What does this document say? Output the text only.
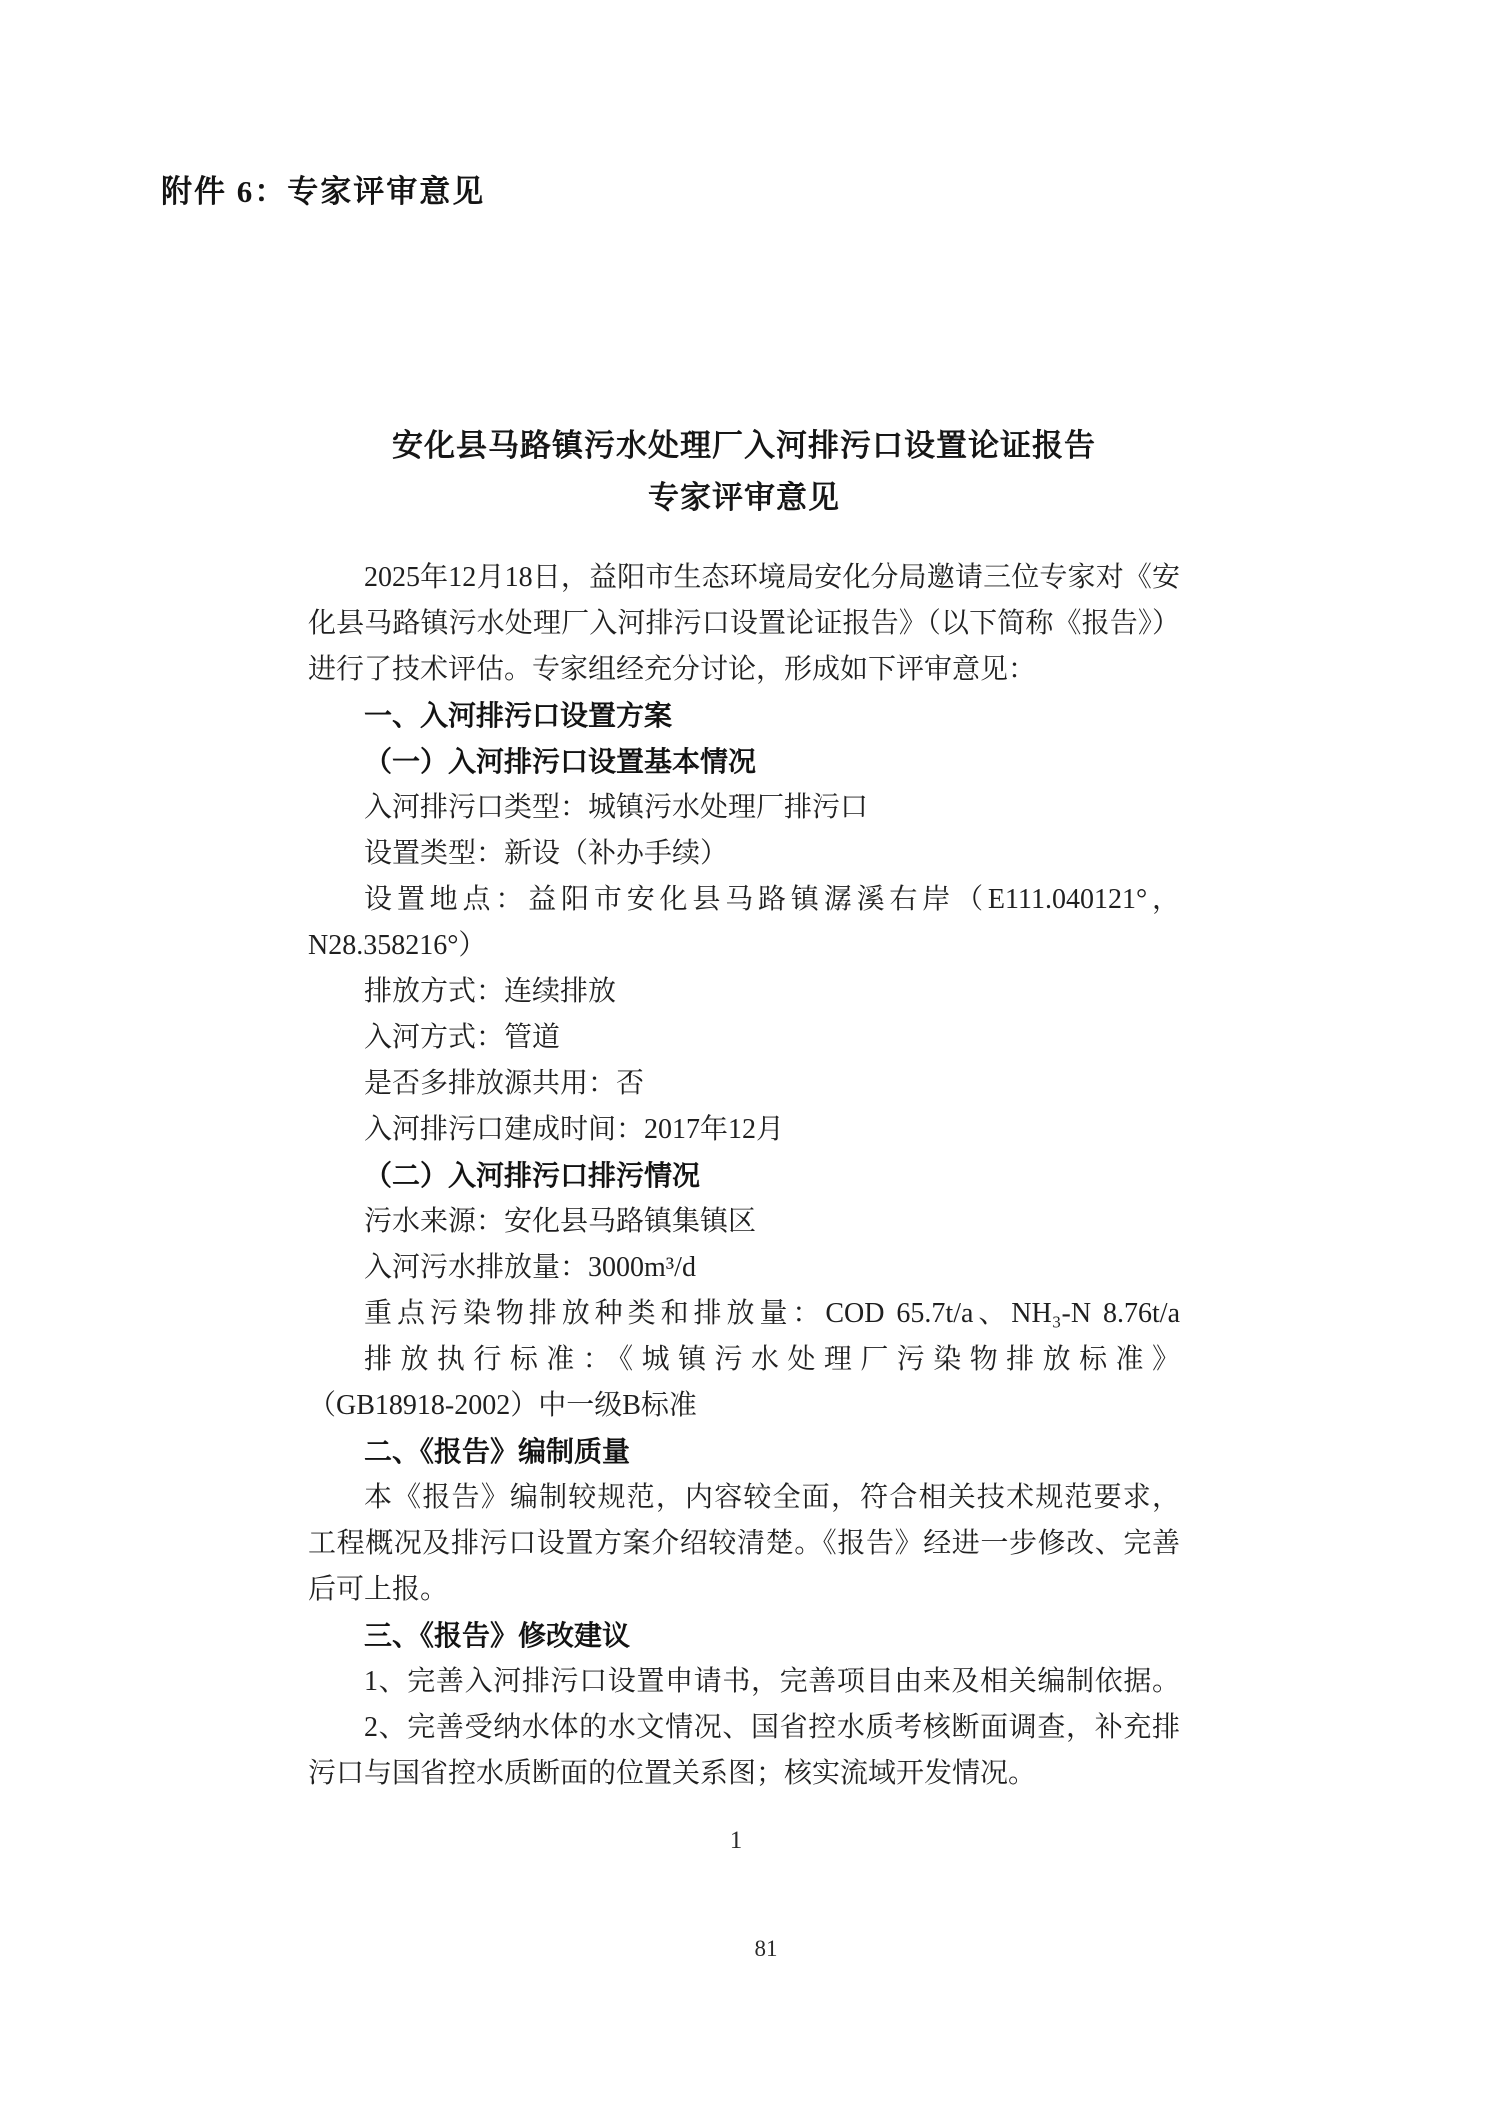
附件 6：专家评审意见
安化县马路镇污水处理厂入河排污口设置论证报告
专家评审意见
2025年12月18日，益阳市生态环境局安化分局邀请三位专家对《安
化县马路镇污水处理厂入河排污口设置论证报告》（以下简称《报告》）
进行了技术评估。专家组经充分讨论，形成如下评审意见：
一、入河排污口设置方案
（一）入河排污口设置基本情况
入河排污口类型：城镇污水处理厂排污口
设置类型：新设（补办手续）
设置地点：益阳市安化县马路镇潺溪右岸（E111.040121°，
N28.358216°）
排放方式：连续排放
入河方式：管道
是否多排放源共用：否
入河排污口建成时间：2017年12月
（二）入河排污口排污情况
污水来源：安化县马路镇集镇区
入河污水排放量：3000m³/d
重点污染物排放种类和排放量：COD 65.7t/a、NH₃-N 8.76t/a
排放执行标准：《城镇污水处理厂污染物排放标准》
（GB18918-2002）中一级B标准
二、《报告》编制质量
本《报告》编制较规范，内容较全面，符合相关技术规范要求，
工程概况及排污口设置方案介绍较清楚。《报告》经进一步修改、完善
后可上报。
三、《报告》修改建议
1、完善入河排污口设置申请书，完善项目由来及相关编制依据。
2、完善受纳水体的水文情况、国省控水质考核断面调查，补充排
污口与国省控水质断面的位置关系图；核实流域开发情况。
1
81
